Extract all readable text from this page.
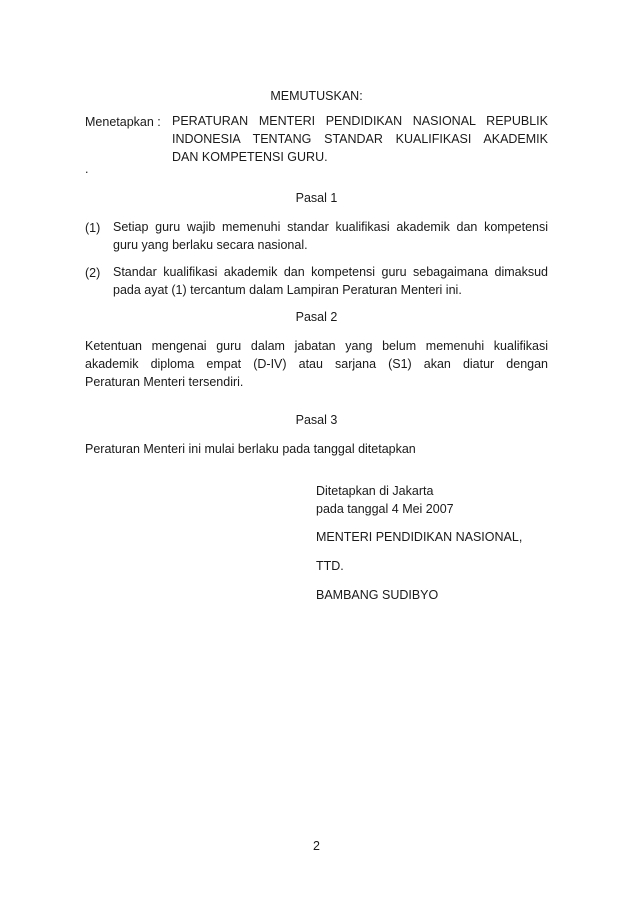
MEMUTUSKAN:
Menetapkan : PERATURAN MENTERI PENDIDIKAN NASIONAL REPUBLIK
INDONESIA TENTANG STANDAR KUALIFIKASI AKADEMIK
DAN KOMPETENSI GURU.
.
Pasal 1
(1) Setiap guru wajib memenuhi standar kualifikasi akademik dan kompetensi
guru yang berlaku secara nasional.
(2) Standar kualifikasi akademik dan kompetensi guru sebagaimana dimaksud
pada ayat (1) tercantum dalam Lampiran Peraturan Menteri ini.
Pasal 2
Ketentuan mengenai guru dalam jabatan yang belum memenuhi kualifikasi
akademik diploma empat (D-IV) atau sarjana (S1) akan diatur dengan
Peraturan Menteri tersendiri.
Pasal 3
Peraturan Menteri ini mulai berlaku pada tanggal ditetapkan
Ditetapkan di Jakarta
pada tanggal 4 Mei 2007
MENTERI PENDIDIKAN NASIONAL,
TTD.
BAMBANG SUDIBYO
2
